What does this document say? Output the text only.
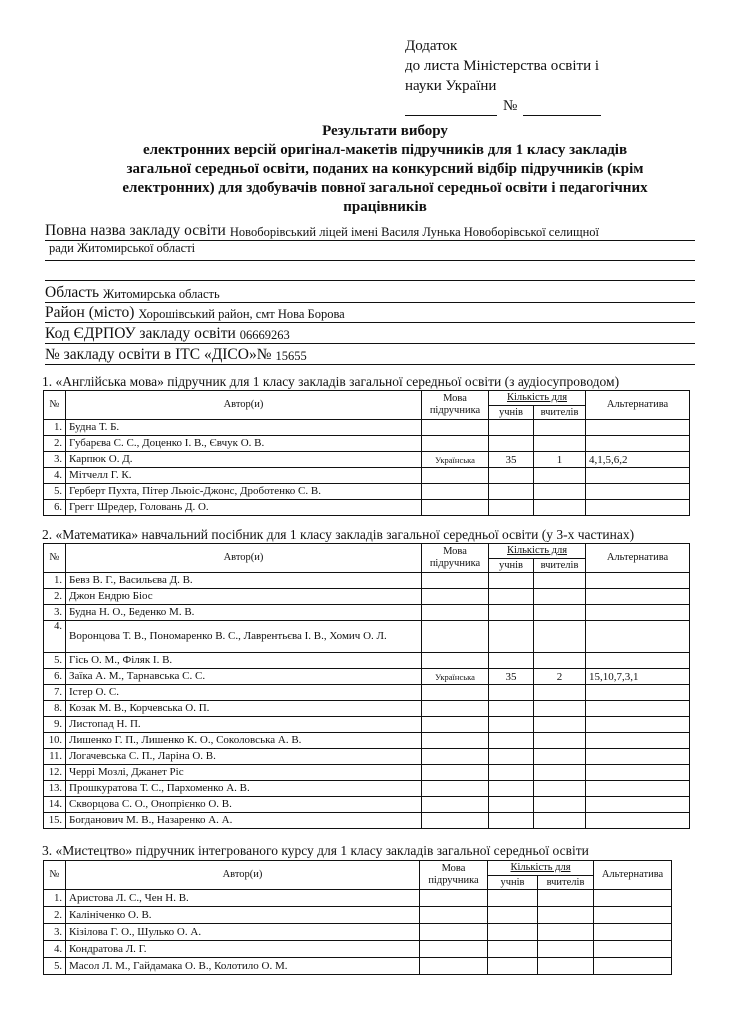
Додаток
до листа Міністерства освіти і
науки України
№
Результати вибору
електронних версій оригінал-макетів підручників для 1 класу закладів
загальної середньої освіти, поданих на конкурсний відбір підручників (крім
електронних) для здобувачів повної загальної середньої освіти і педагогічних
працівників
Повна назва закладу освіти Новоборівський ліцей імені Василя Лунька Новоборівської селищної
ради Житомирської області
Область Житомирська область
Район (місто) Хорошівський район, смт Нова Борова
Код ЄДРПОУ закладу освіти 06669263
№ закладу освіти в ІТС «ДІСО»№ 15655
1. «Англійська мова» підручник для 1 класу закладів загальної середньої освіти (з аудіосупроводом)
№	Автор(и)	Мова
підручника	Кількість для		Альтернатива
			учнів	вчителів	
1.	Будна Т. Б.				
2.	Губарєва С. С., Доценко І. В., Євчук О. В.				
3.	Карпюк О. Д.	Українська	35	1	4,1,5,6,2
4.	Мітчелл Г. К.				
5.	Герберт Пухта, Пітер Льюіс-Джонс, Дроботенко С. В.				
6.	Грегг Шредер, Головань Д. О.				
2. «Математика» навчальний посібник для 1 класу закладів загальної середньої освіти (у 3-х частинах)
№	Автор(и)	Мова
підручника	Кількість для		Альтернатива
			учнів	вчителів	
1.	Бевз В. Г., Васильєва Д. В.				
2.	Джон Ендрю Біос				
3.	Будна Н. О., Беденко М. В.				
4.	Воронцова Т. В., Пономаренко В. С., Лаврентьєва І. В., Хомич О. Л.				
5.	Гісь О. М., Філяк І. В.				
6.	Заїка А. М., Тарнавська С. С.	Українська	35	2	15,10,7,3,1
7.	Істер О. С.				
8.	Козак М. В., Корчевська О. П.				
9.	Листопад Н. П.				
10.	Лишенко Г. П., Лишенко К. О., Соколовська А. В.				
11.	Логачевська С. П., Ларіна О. В.				
12.	Черрі Мозлі, Джанет Ріс				
13.	Прошкуратова Т. С., Пархоменко А. В.				
14.	Скворцова С. О., Онопрієнко О. В.				
15.	Богданович М. В., Назаренко А. А.				
3. «Мистецтво» підручник інтегрованого курсу для 1 класу закладів загальної середньої освіти
№	Автор(и)	Мова
підручника	Кількість для		Альтернатива
			учнів	вчителів	
1.	Аристова Л. С., Чен Н. В.				
2.	Калініченко О. В.				
3.	Кізілова Г. О., Шулько О. А.				
4.	Кондратова Л. Г.				
5.	Масол Л. М., Гайдамака О. В., Колотило О. М.				
